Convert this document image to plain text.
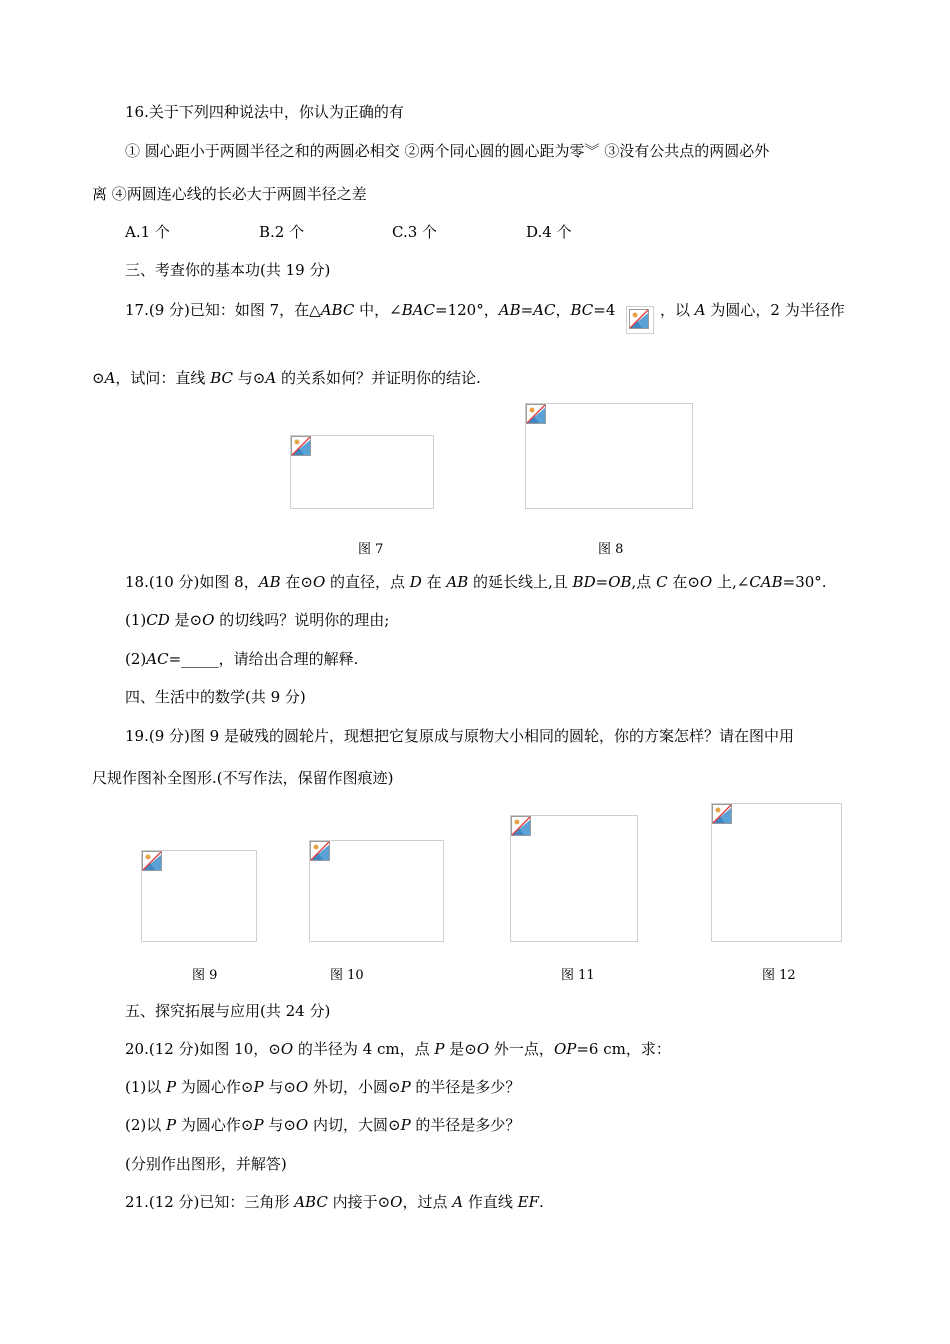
16.关于下列四种说法中，你认为正确的有
① 圆心距小于两圆半径之和的两圆必相交 ②两个同心圆的圆心距为零︾ ③没有公共点的两圆必外
离 ④两圆连心线的长必大于两圆半径之差
A.1 个	B.2 个	C.3 个	D.4 个
三、考查你的基本功(共 19 分)
17.(9 分)已知：如图 7，在△ABC 中，∠BAC=120°，AB=AC，BC=4	，以 A 为圆心，2 为半径作
⊙A，试问：直线 BC 与⊙A 的关系如何？并证明你的结论.
图 7	图 8
18.(10 分)如图 8，AB 在⊙O 的直径，点 D 在 AB 的延长线上,且 BD=OB,点 C 在⊙O 上,∠CAB=30°.
(1)CD 是⊙O 的切线吗？说明你的理由;
(2)AC=_____，请给出合理的解释.
四、生活中的数学(共 9 分)
19.(9 分)图 9 是破残的圆轮片，现想把它复原成与原物大小相同的圆轮，你的方案怎样？请在图中用
尺规作图补全图形.(不写作法，保留作图痕迹)
图 9	图 10	图 11	图 12
五、探究拓展与应用(共 24 分)
20.(12 分)如图 10，⊙O 的半径为 4 cm，点 P 是⊙O 外一点，OP=6 cm，求：
(1)以 P 为圆心作⊙P 与⊙O 外切，小圆⊙P 的半径是多少？
(2)以 P 为圆心作⊙P 与⊙O 内切，大圆⊙P 的半径是多少？
(分别作出图形，并解答)
21.(12 分)已知：三角形 ABC 内接于⊙O，过点 A 作直线 EF.
